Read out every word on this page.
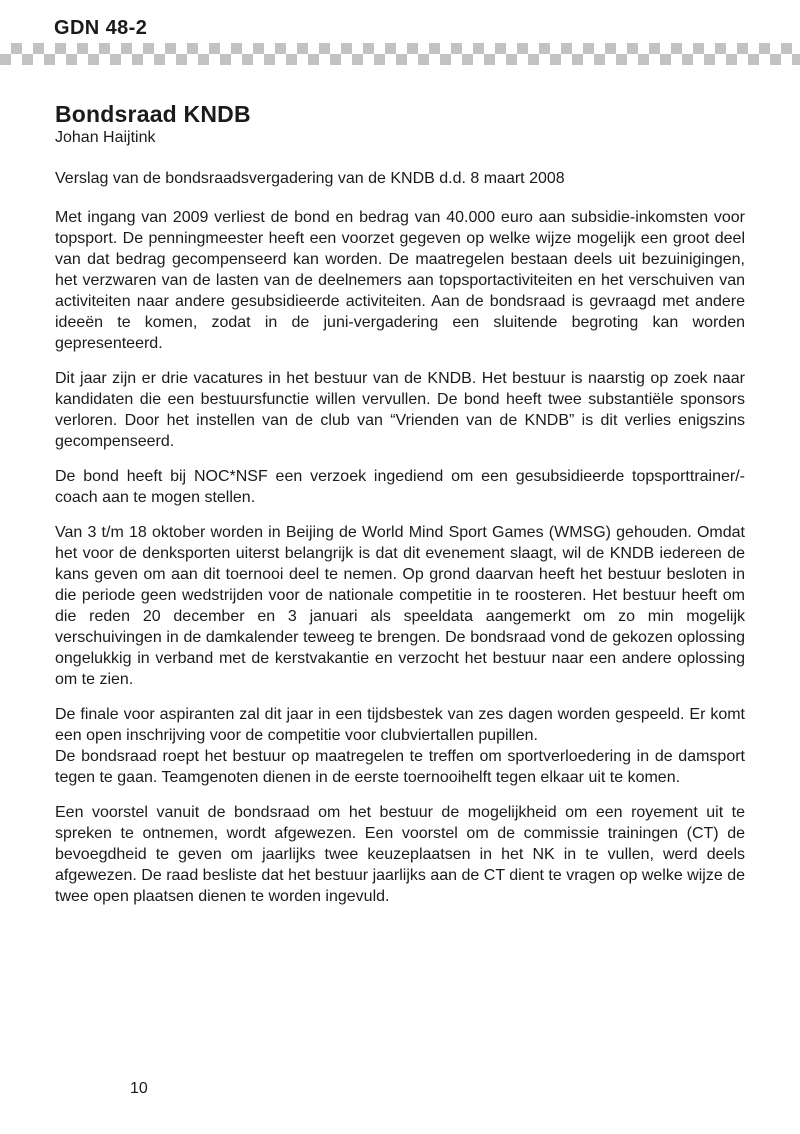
GDN 48-2
Bondsraad KNDB
Johan Haijtink

Verslag van de bondsraadsvergadering van de KNDB d.d. 8 maart 2008

Met ingang van 2009 verliest de bond en bedrag van 40.000 euro aan subsidie-inkomsten voor topsport. De penningmeester heeft een voorzet gegeven op welke wijze mogelijk een groot deel van dat bedrag gecompenseerd kan worden. De maatregelen bestaan deels uit bezuinigingen, het verzwaren van de lasten van de deelnemers aan topsportactiviteiten en het verschuiven van activiteiten naar andere gesubsidieerde activiteiten. Aan de bondsraad is gevraagd met andere ideeën te komen, zodat in de juni-vergadering een sluitende begroting kan worden gepresenteerd.

Dit jaar zijn er drie vacatures in het bestuur van de KNDB. Het bestuur is naarstig op zoek naar kandidaten die een bestuursfunctie willen vervullen. De bond heeft twee substantiële sponsors verloren. Door het instellen van de club van “Vrienden van de KNDB” is dit verlies enigszins gecompenseerd.

De bond heeft bij NOC*NSF een verzoek ingediend om een gesubsidieerde topsporttrainer/-coach aan te mogen stellen.

Van 3 t/m 18 oktober worden in Beijing de World Mind Sport Games (WMSG) gehouden. Omdat het voor de denksporten uiterst belangrijk is dat dit evenement slaagt, wil de KNDB iedereen de kans geven om aan dit toernooi deel te nemen. Op grond daarvan heeft het bestuur besloten in die periode geen wedstrijden voor de nationale competitie in te roosteren. Het bestuur heeft om die reden 20 december en 3 januari als speeldata aangemerkt om zo min mogelijk verschuivingen in de damkalender teweeg te brengen. De bondsraad vond de gekozen oplossing ongelukkig in verband met de kerstvakantie en verzocht het bestuur naar een andere oplossing om te zien.

De finale voor aspiranten zal dit jaar in een tijdsbestek van zes dagen worden gespeeld. Er komt een open inschrijving voor de competitie voor clubviertallen pupillen.

De bondsraad roept het bestuur op maatregelen te treffen om sportverloedering in de damsport tegen te gaan. Teamgenoten dienen in de eerste toernooihelft tegen elkaar uit te komen.

Een voorstel vanuit de bondsraad om het bestuur de mogelijkheid om een royement uit te spreken te ontnemen, wordt afgewezen. Een voorstel om de commissie trainingen (CT) de bevoegdheid te geven om jaarlijks twee keuzeplaatsen in het NK in te vullen, werd deels afgewezen. De raad besliste dat het bestuur jaarlijks aan de CT dient te vragen op welke wijze de twee open plaatsen dienen te worden ingevuld.

10
